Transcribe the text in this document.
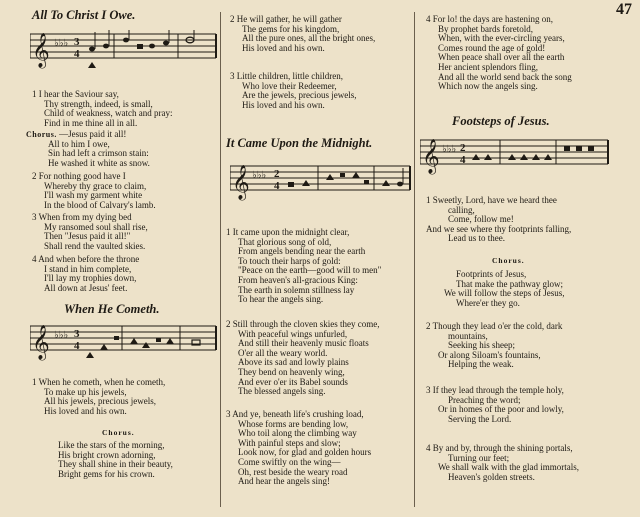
47
All To Christ I Owe.
𝄞 ♭♭♭ 3
4
1 I hear the Saviour say,
Thy strength, indeed, is small,
Child of weakness, watch and pray:
Find in me thine all in all.
Chorus. —Jesus paid it all!
All to him I owe,
Sin had left a crimson stain:
He washed it white as snow.
2 For nothing good have I
Whereby thy grace to claim,
I'll wash my garment white
In the blood of Calvary's lamb.
3 When from my dying bed
My ransomed soul shall rise,
Then "Jesus paid it all!"
Shall rend the vaulted skies.
4 And when before the throne
I stand in him complete,
I'll lay my trophies down,
All down at Jesus' feet.
When He Cometh.
𝄞 ♭♭♭ 3
4
1 When he cometh, when he cometh,
To make up his jewels,
All his jewels, precious jewels,
His loved and his own.
Chorus.
Like the stars of the morning,
His bright crown adorning,
They shall shine in their beauty,
Bright gems for his crown.
2 He will gather, he will gather
The gems for his kingdom,
All the pure ones, all the bright ones,
His loved and his own.
3 Little children, little children,
Who love their Redeemer,
Are the jewels, precious jewels,
His loved and his own.
It Came Upon the Midnight.
𝄞 ♭♭♭ 2
4
1 It came upon the midnight clear,
That glorious song of old,
From angels bending near the earth
To touch their harps of gold:
"Peace on the earth—good will to men"
From heaven's all-gracious King:
The earth in solemn stillness lay
To hear the angels sing.
2 Still through the cloven skies they come,
With peaceful wings unfurled,
And still their heavenly music floats
O'er all the weary world.
Above its sad and lowly plains
They bend on heavenly wing,
And ever o'er its Babel sounds
The blessed angels sing.
3 And ye, beneath life's crushing load,
Whose forms are bending low,
Who toil along the climbing way
With painful steps and slow;
Look now, for glad and golden hours
Come swiftly on the wing—
Oh, rest beside the weary road
And hear the angels sing!
4 For lo! the days are hastening on,
By prophet bards foretold,
When, with the ever-circling years,
Comes round the age of gold!
When peace shall over all the earth
Her ancient splendors fling,
And all the world send back the song
Which now the angels sing.
Footsteps of Jesus.
𝄞 ♭♭♭ 2
4
1 Sweetly, Lord, have we heard thee
calling,
Come, follow me!
And we see where thy footprints falling,
Lead us to thee.
Chorus.
Footprints of Jesus,
That make the pathway glow;
We will follow the steps of Jesus,
Where'er they go.
2 Though they lead o'er the cold, dark
mountains,
Seeking his sheep;
Or along Siloam's fountains,
Helping the weak.
3 If they lead through the temple holy,
Preaching the word;
Or in homes of the poor and lowly,
Serving the Lord.
4 By and by, through the shining portals,
Turning our feet;
We shall walk with the glad immortals,
Heaven's golden streets.
